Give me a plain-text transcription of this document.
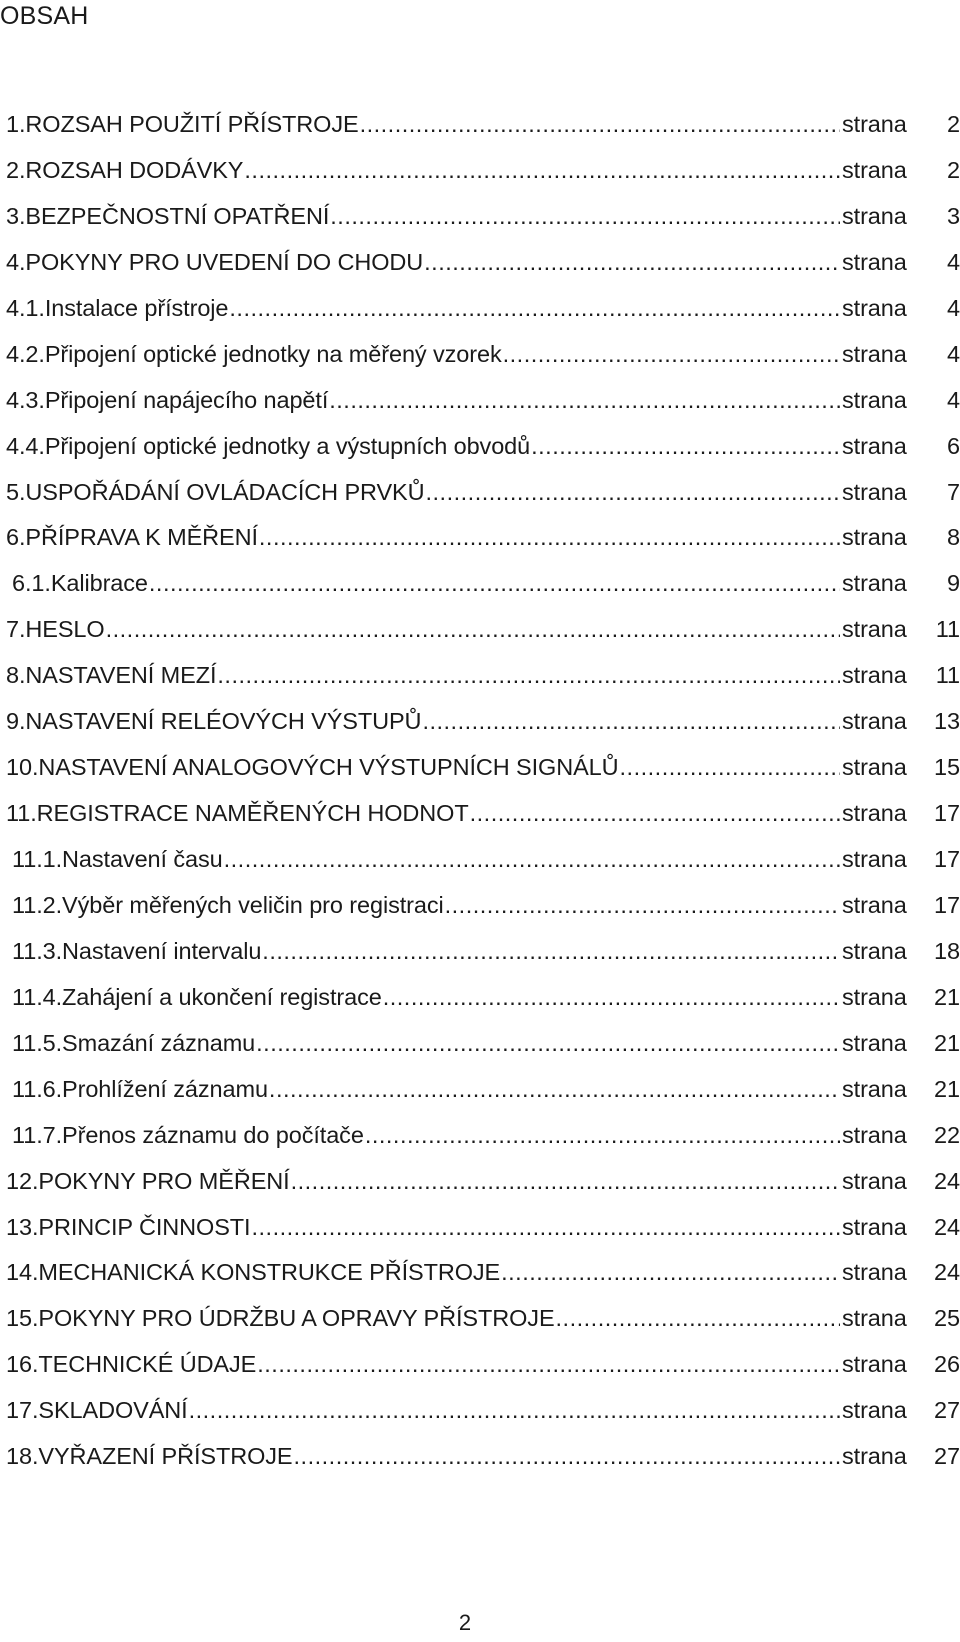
OBSAH
1. ROZSAH POUŽITÍ PŘÍSTROJE .....	strana	2
2. ROZSAH DODÁVKY .....	strana	2
3. BEZPEČNOSTNÍ OPATŘENÍ .....	strana	3
4. POKYNY PRO UVEDENÍ DO CHODU .....	strana	4
4.1. Instalace přístroje .....	strana	4
4.2. Připojení optické jednotky na měřený vzorek .....	strana	4
4.3. Připojení napájecího napětí .....	strana	4
4.4. Připojení optické jednotky a výstupních obvodů .....	strana	6
5. USPOŘÁDÁNÍ OVLÁDACÍCH PRVKŮ .....	strana	7
6. PŘÍPRAVA K MĚŘENÍ .....	strana	8
6.1. Kalibrace .....	strana	9
7. HESLO .....	strana	11
8. NASTAVENÍ MEZÍ .....	strana	11
9. NASTAVENÍ RELÉOVÝCH VÝSTUPŮ .....	strana	13
10. NASTAVENÍ ANALOGOVÝCH VÝSTUPNÍCH SIGNÁLŮ .....	strana	15
11. REGISTRACE NAMĚŘENÝCH HODNOT .....	strana	17
11.1. Nastavení času .....	strana	17
11.2. Výběr měřených veličin pro registraci .....	strana	17
11.3. Nastavení intervalu .....	strana	18
11.4. Zahájení a ukončení registrace .....	strana	21
11.5. Smazání záznamu .....	strana	21
11.6. Prohlížení záznamu .....	strana	21
11.7. Přenos záznamu do počítače .....	strana	22
12. POKYNY PRO MĚŘENÍ .....	strana	24
13. PRINCIP ČINNOSTI .....	strana	24
14. MECHANICKÁ KONSTRUKCE PŘÍSTROJE .....	strana	24
15. POKYNY PRO ÚDRŽBU A OPRAVY PŘÍSTROJE .....	strana	25
16. TECHNICKÉ ÚDAJE .....	strana	26
17. SKLADOVÁNÍ .....	strana	27
18. VYŘAZENÍ PŘÍSTROJE .....	strana	27
2
